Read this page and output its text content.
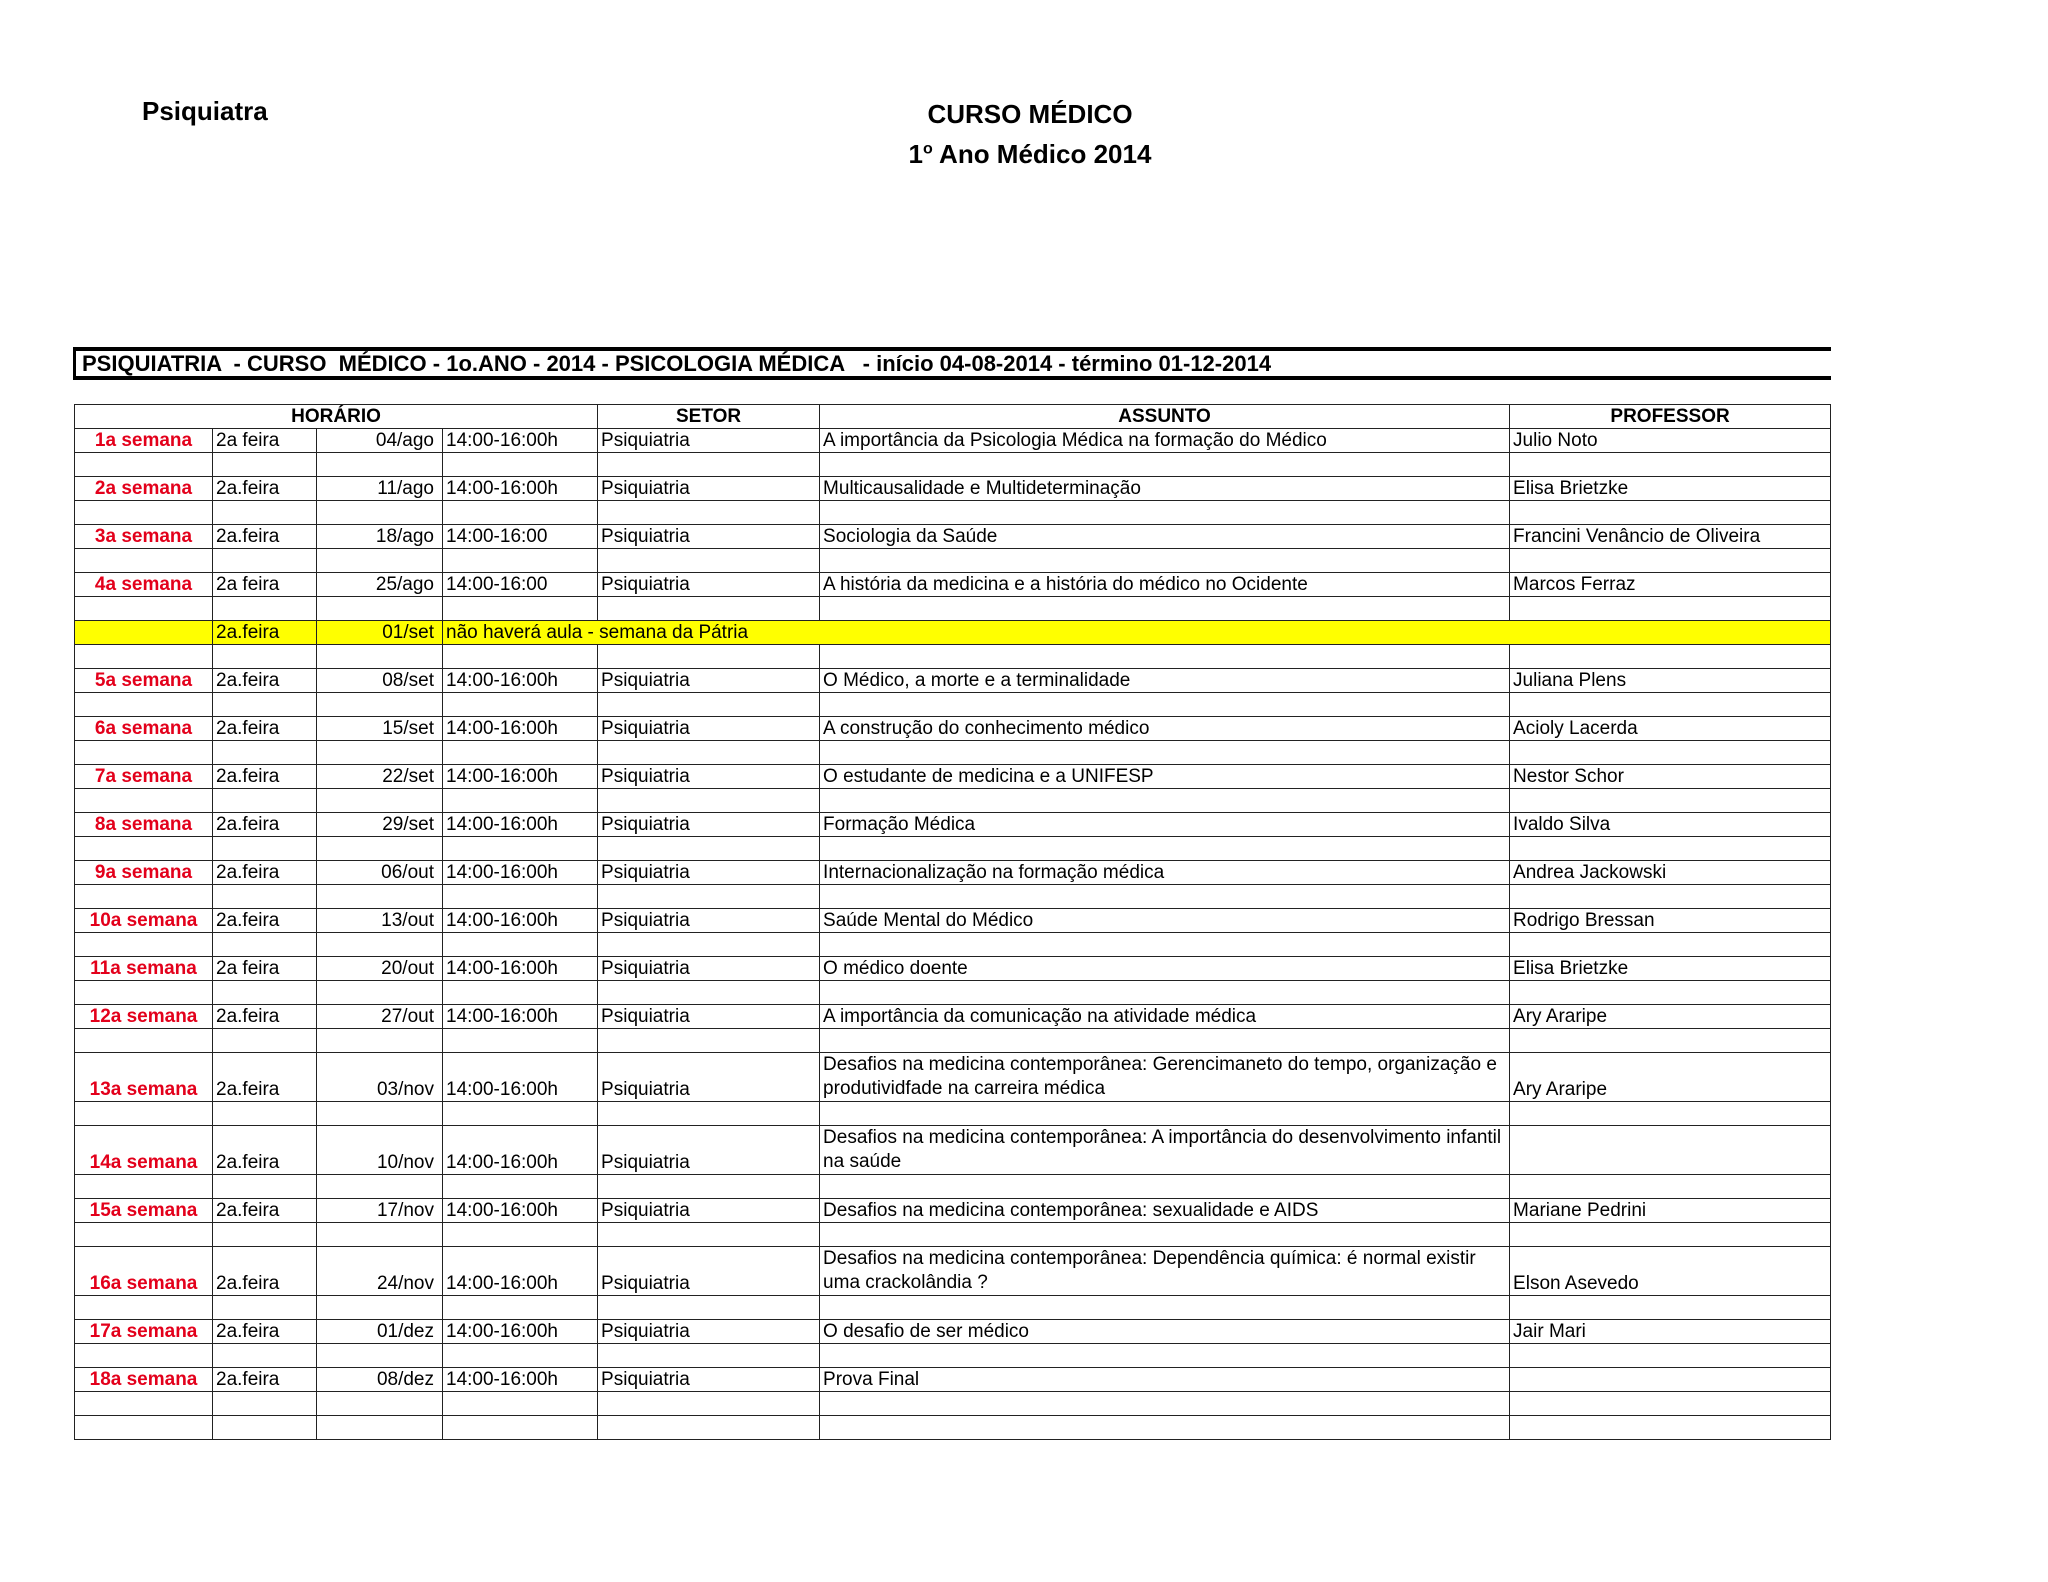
Psiquiatra	CURSO MÉDICO
1$^o$ Ano Médico 2014
PSIQUIATRIA  - CURSO  MÉDICO - 1o.ANO - 2014 - PSICOLOGIA MÉDICA   - início 04-08-2014 - término 01-12-2014
HORÁRIO				SETOR	ASSUNTO	PROFESSOR
1a semana	2a feira	04/ago	14:00-16:00h	Psiquiatria	A importância da Psicologia Médica na formação do Médico	Julio Noto

2a semana	2a.feira	11/ago	14:00-16:00h	Psiquiatria	Multicausalidade e Multideterminação	Elisa Brietzke

3a semana	2a.feira	18/ago	14:00-16:00	Psiquiatria	Sociologia da Saúde	Francini Venâncio de Oliveira

4a semana	2a feira	25/ago	14:00-16:00	Psiquiatria	A história da medicina e a história do médico no Ocidente	Marcos Ferraz

	2a.feira	01/set	não haverá aula - semana da Pátria			

5a semana	2a.feira	08/set	14:00-16:00h	Psiquiatria	O Médico, a morte e a terminalidade	Juliana Plens

6a semana	2a.feira	15/set	14:00-16:00h	Psiquiatria	A construção do conhecimento médico	Acioly Lacerda

7a semana	2a.feira	22/set	14:00-16:00h	Psiquiatria	O estudante de medicina e a UNIFESP	Nestor Schor

8a semana	2a.feira	29/set	14:00-16:00h	Psiquiatria	Formação Médica	Ivaldo Silva

9a semana	2a.feira	06/out	14:00-16:00h	Psiquiatria	Internacionalização na formação médica	Andrea Jackowski

10a semana	2a.feira	13/out	14:00-16:00h	Psiquiatria	Saúde Mental do Médico	Rodrigo Bressan

11a semana	2a feira	20/out	14:00-16:00h	Psiquiatria	O médico doente	Elisa Brietzke

12a semana	2a.feira	27/out	14:00-16:00h	Psiquiatria	A importância da comunicação na atividade médica	Ary Araripe

13a semana	2a.feira	03/nov	14:00-16:00h	Psiquiatria	Desafios na medicina contemporânea: Gerencimaneto do tempo, organização e produtividfade na carreira médica	Ary Araripe

14a semana	2a.feira	10/nov	14:00-16:00h	Psiquiatria	Desafios na medicina contemporânea: A importância do desenvolvimento infantil na saúde	

15a semana	2a.feira	17/nov	14:00-16:00h	Psiquiatria	Desafios na medicina contemporânea: sexualidade e AIDS	Mariane Pedrini

16a semana	2a.feira	24/nov	14:00-16:00h	Psiquiatria	Desafios na medicina contemporânea: Dependência química: é normal existir uma crackolândia ?	Elson Asevedo

17a semana	2a.feira	01/dez	14:00-16:00h	Psiquiatria	O desafio de ser médico	Jair Mari

18a semana	2a.feira	08/dez	14:00-16:00h	Psiquiatria	Prova Final	
